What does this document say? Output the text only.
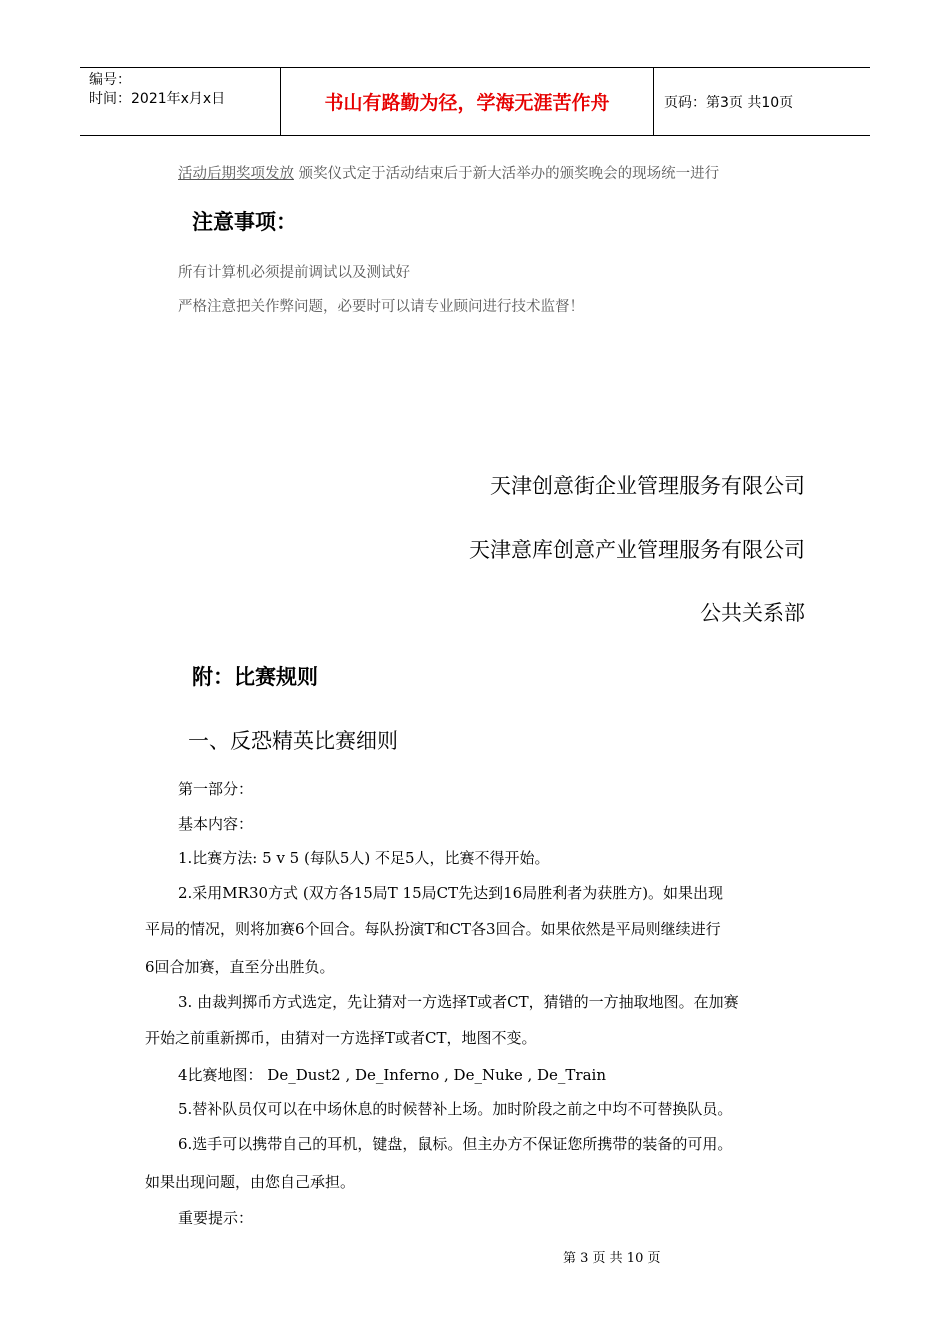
编号：
时间：2021年x月x日	书山有路勤为径，学海无涯苦作舟	页码：第3页 共10页
活动后期奖项发放 颁奖仪式定于活动结束后于新大活举办的颁奖晚会的现场统一进行
注意事项：
所有计算机必须提前调试以及测试好
严格注意把关作弊问题，必要时可以请专业顾问进行技术监督！
天津创意街企业管理服务有限公司
天津意库创意产业管理服务有限公司
公共关系部
附：比赛规则
一、反恐精英比赛细则
第一部分：
基本内容：
1.比赛方法: 5 v 5 (每队5人) 不足5人，比赛不得开始。
2.采用MR30方式 (双方各15局T 15局CT先达到16局胜利者为获胜方)。如果出现
平局的情况，则将加赛6个回合。每队扮演T和CT各3回合。如果依然是平局则继续进行
6回合加赛，直至分出胜负。
3. 由裁判掷币方式选定，先让猜对一方选择T或者CT，猜错的一方抽取地图。在加赛
开始之前重新掷币，由猜对一方选择T或者CT，地图不变。
4比赛地图： De_Dust2 , De_Inferno , De_Nuke , De_Train
5.替补队员仅可以在中场休息的时候替补上场。加时阶段之前之中均不可替换队员。
6.选手可以携带自己的耳机，键盘，鼠标。但主办方不保证您所携带的装备的可用。
如果出现问题，由您自己承担。
重要提示：
第 3 页 共 10 页
